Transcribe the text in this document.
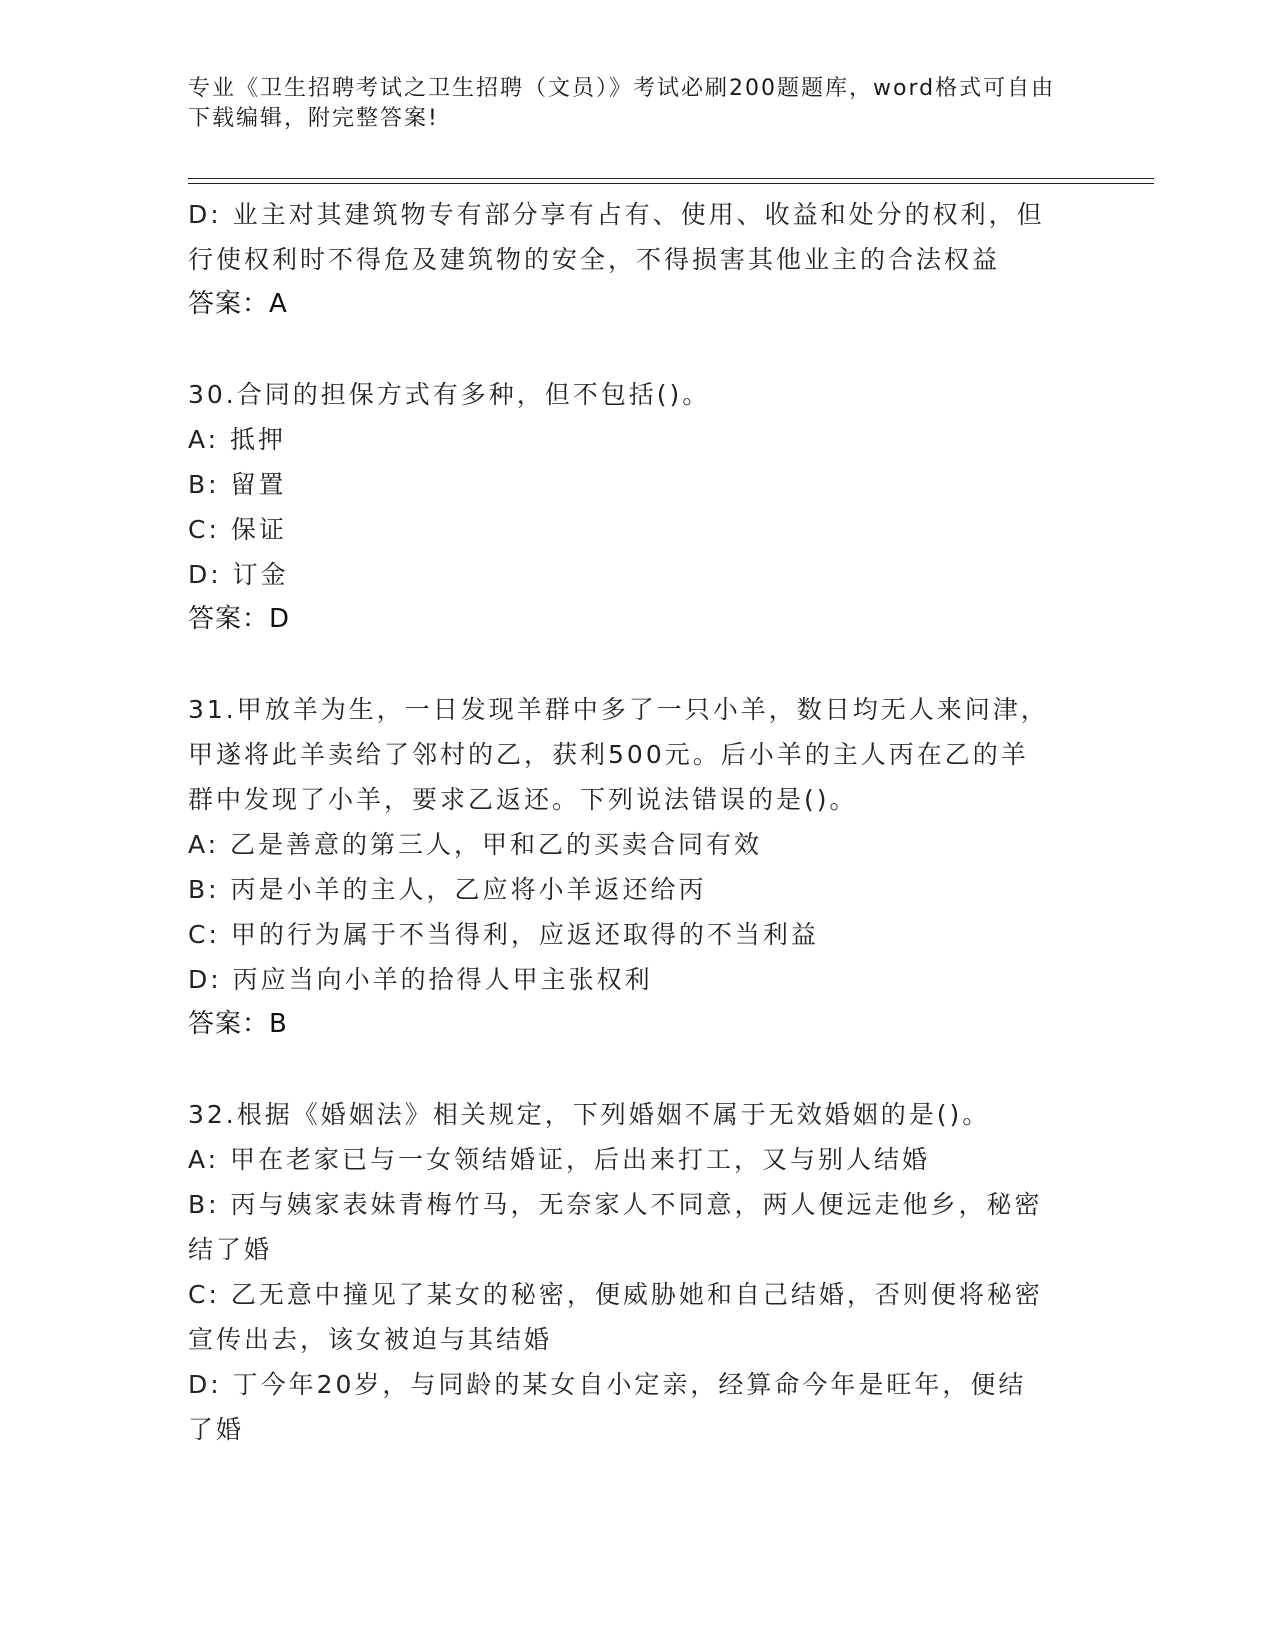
专业《卫生招聘考试之卫生招聘（文员）》考试必刷200题题库，word格式可自由下载编辑，附完整答案!
D: 业主对其建筑物专有部分享有占有、使用、收益和处分的权利，但
行使权利时不得危及建筑物的安全，不得损害其他业主的合法权益
答案：A
30.合同的担保方式有多种，但不包括()。
A: 抵押
B: 留置
C: 保证
D: 订金
答案：D
31.甲放羊为生，一日发现羊群中多了一只小羊，数日均无人来问津，
甲遂将此羊卖给了邻村的乙，获利500元。后小羊的主人丙在乙的羊
群中发现了小羊，要求乙返还。下列说法错误的是()。
A: 乙是善意的第三人，甲和乙的买卖合同有效
B: 丙是小羊的主人，乙应将小羊返还给丙
C: 甲的行为属于不当得利，应返还取得的不当利益
D: 丙应当向小羊的拾得人甲主张权利
答案：B
32.根据《婚姻法》相关规定，下列婚姻不属于无效婚姻的是()。
A: 甲在老家已与一女领结婚证，后出来打工，又与别人结婚
B: 丙与姨家表妹青梅竹马，无奈家人不同意，两人便远走他乡，秘密
结了婚
C: 乙无意中撞见了某女的秘密，便威胁她和自己结婚，否则便将秘密
宣传出去，该女被迫与其结婚
D: 丁今年20岁，与同龄的某女自小定亲，经算命今年是旺年，便结
了婚
